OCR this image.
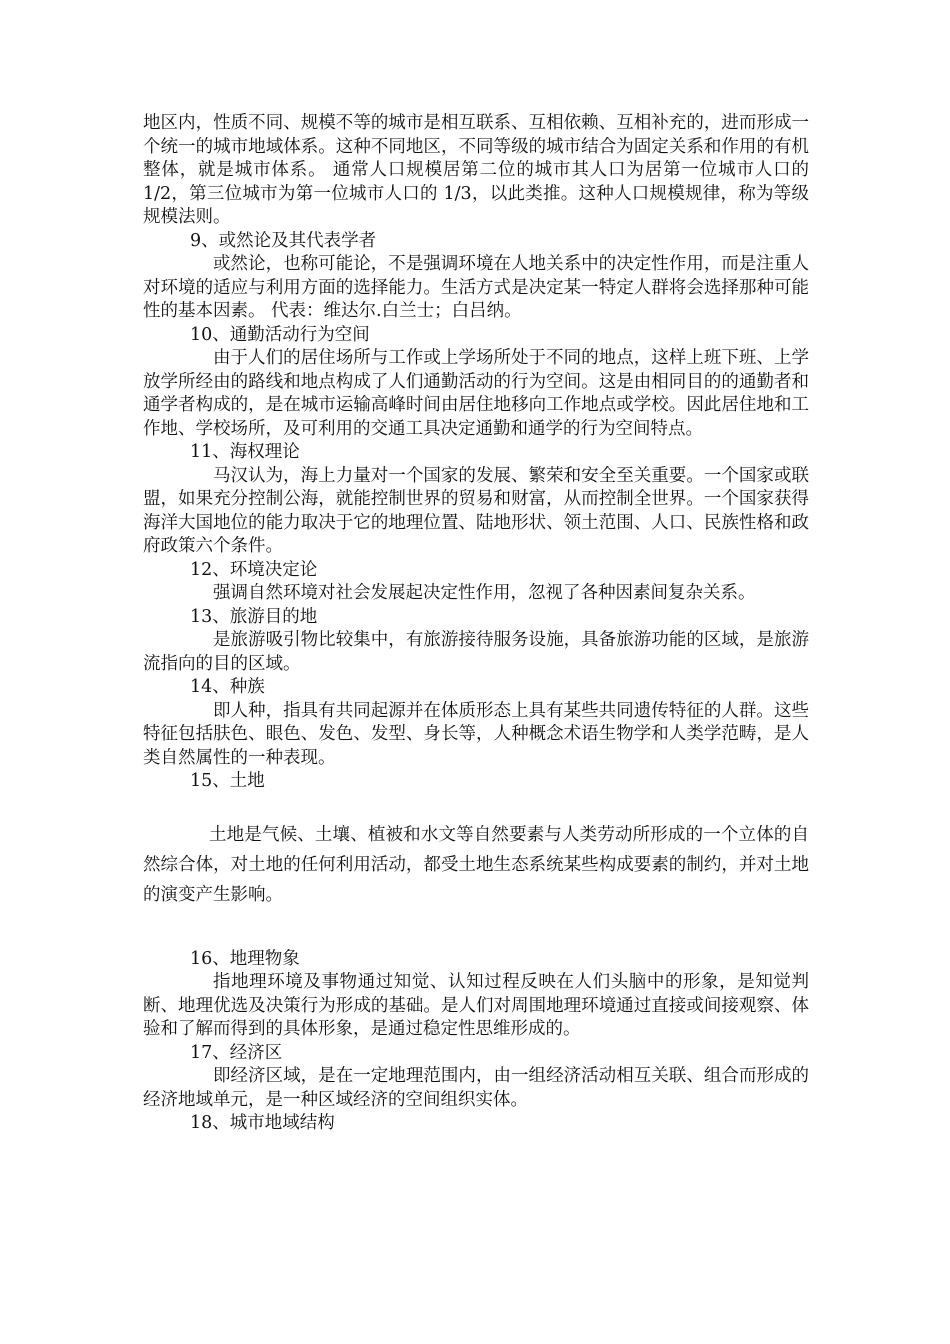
地区内，性质不同、规模不等的城市是相互联系、互相依赖、互相补充的，进而形成一个统一的城市地域体系。这种不同地区，不同等级的城市结合为固定关系和作用的有机整体，就是城市体系。 通常人口规模居第二位的城市其人口为居第一位城市人口的 1/2，第三位城市为第一位城市人口的 1/3，以此类推。这种人口规模规律，称为等级规模法则。

9、或然论及其代表学者

或然论，也称可能论，不是强调环境在人地关系中的决定性作用，而是注重人对环境的适应与利用方面的选择能力。生活方式是决定某一特定人群将会选择那种可能性的基本因素。 代表：维达尔.白兰士；白吕纳。

10、通勤活动行为空间

由于人们的居住场所与工作或上学场所处于不同的地点，这样上班下班、上学放学所经由的路线和地点构成了人们通勤活动的行为空间。这是由相同目的的通勤者和通学者构成的，是在城市运输高峰时间由居住地移向工作地点或学校。因此居住地和工作地、学校场所，及可利用的交通工具决定通勤和通学的行为空间特点。

11、海权理论

马汉认为，海上力量对一个国家的发展、繁荣和安全至关重要。一个国家或联盟，如果充分控制公海，就能控制世界的贸易和财富，从而控制全世界。一个国家获得海洋大国地位的能力取决于它的地理位置、陆地形状、领土范围、人口、民族性格和政府政策六个条件。

12、环境决定论

强调自然环境对社会发展起决定性作用，忽视了各种因素间复杂关系。

13、旅游目的地

是旅游吸引物比较集中，有旅游接待服务设施，具备旅游功能的区域，是旅游流指向的目的区域。

14、种族

即人种，指具有共同起源并在体质形态上具有某些共同遗传特征的人群。这些特征包括肤色、眼色、发色、发型、身长等，人种概念术语生物学和人类学范畴，是人类自然属性的一种表现。

15、土地

土地是气候、土壤、植被和水文等自然要素与人类劳动所形成的一个立体的自然综合体，对土地的任何利用活动，都受土地生态系统某些构成要素的制约，并对土地的演变产生影响。

16、地理物象

指地理环境及事物通过知觉、认知过程反映在人们头脑中的形象，是知觉判断、地理优选及决策行为形成的基础。是人们对周围地理环境通过直接或间接观察、体验和了解而得到的具体形象，是通过稳定性思维形成的。

17、经济区

即经济区域，是在一定地理范围内，由一组经济活动相互关联、组合而形成的经济地域单元，是一种区域经济的空间组织实体。

18、城市地域结构
